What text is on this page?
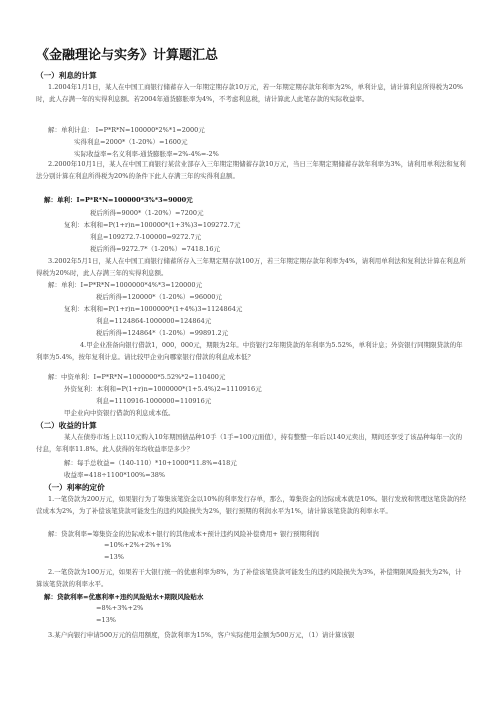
《金融理论与实务》计算题汇总
（一）利息的计算
1.2004年1月1日，某人在中国工商银行储蓄存入一年期定期存款10万元，若一年期定期存款年利率为2%，单利计息，请计算利息所得税为20%时，此人存满一年的实得利息额。若2004年通货膨胀率为4%，不考虑利息税，请计算此人此笔存款的实际收益率。
解：单利计息： I=P*R*N=100000*2%*1=2000元
实得利息=2000*（1-20%）=1600元
实际收益率=名义利率-通货膨胀率=2%-4%=-2%
2.2000年10月1日，某人在中国工商银行某营业部存入三年期定期储蓄存款10万元，当日三年期定期储蓄存款年利率为3%，请利用单利法和复利法分别计算在利息所得税为20%的条件下此人存满三年的实得利息额。
解：单利：I=P*R*N=100000*3%*3=9000元
税后所得=9000*（1-20%）=7200元
复利：本利和=P(1+r)n=100000*(1+3%)3=109272.7元
利息=109272.7-100000=9272.7元
税后所得=9272.7*（1-20%）=7418.16元
3.2002年5月1日，某人在中国工商银行储蓄所存入三年期定期存款100万，若三年期定期存款年利率为4%，请利用单利法和复利法计算在利息所得税为20%时，此人存满三年的实得利息额。
解：单利：I=P*R*N=1000000*4%*3=120000元
税后所得=120000*（1-20%）=96000元
复利：本利和=P(1+r)n=1000000*(1+4%)3=1124864元
利息=1124864-1000000=124864元
税后所得=124864*（1-20%）=99891.2元
4.甲企业准备向银行借款1，000，000元，期限为2年。中资银行2年期贷款的年利率为5.52%，单利计息；外资银行同期限贷款的年利率为5.4%，按年复利计息。请比较甲企业向哪家银行借款的利息成本低？
解：中资单利：I=P*R*N=1000000*5.52%*2=110400元
外资复利：本利和=P(1+r)n=1000000*(1+5.4%)2=1110916元
利息=1110916-1000000=110916元
甲企业向中资银行借款的利息成本低。
（二）收益的计算
某人在债券市场上以110元购入10年期国债品种10手（1手=100元面值），持有整整一年后以140元卖出，期间还享受了该品种每年一次的付息，年利率11.8%。此人获得的年均收益率是多少？
解：每手总收益=（140-110）*10+1000*11.8%=418元
收益率=418÷1100*100%=38%
（一）利率的定价
1.一笔贷款为200万元，如果银行为了筹集该笔资金以10%的利率发行存单，那么，筹集资金的边际成本就是10%。银行发放和管理这笔贷款的经营成本为2%，为了补偿该笔贷款可能发生的违约风险损失为2%，银行预期的利润水平为1%，请计算该笔贷款的利率水平。
解：贷款利率=筹集资金的边际成本+银行的其他成本+预计违约风险补偿费用+ 银行预期利润
=10%+2%+2%+1%
=13%
2.一笔贷款为100万元，如果若干大银行统一的优惠利率为8%，为了补偿该笔贷款可能发生的违约风险损失为3%，补偿期限风险损失为2%，计算该笔贷款的利率水平。
解：贷款利率=优惠利率+违约风险贴水+期限风险贴水
=8%+3%+2%
=13%
3.某户向银行申请500万元的信用额度，贷款利率为15%，客户实际使用金额为500万元，（1）请计算该银
